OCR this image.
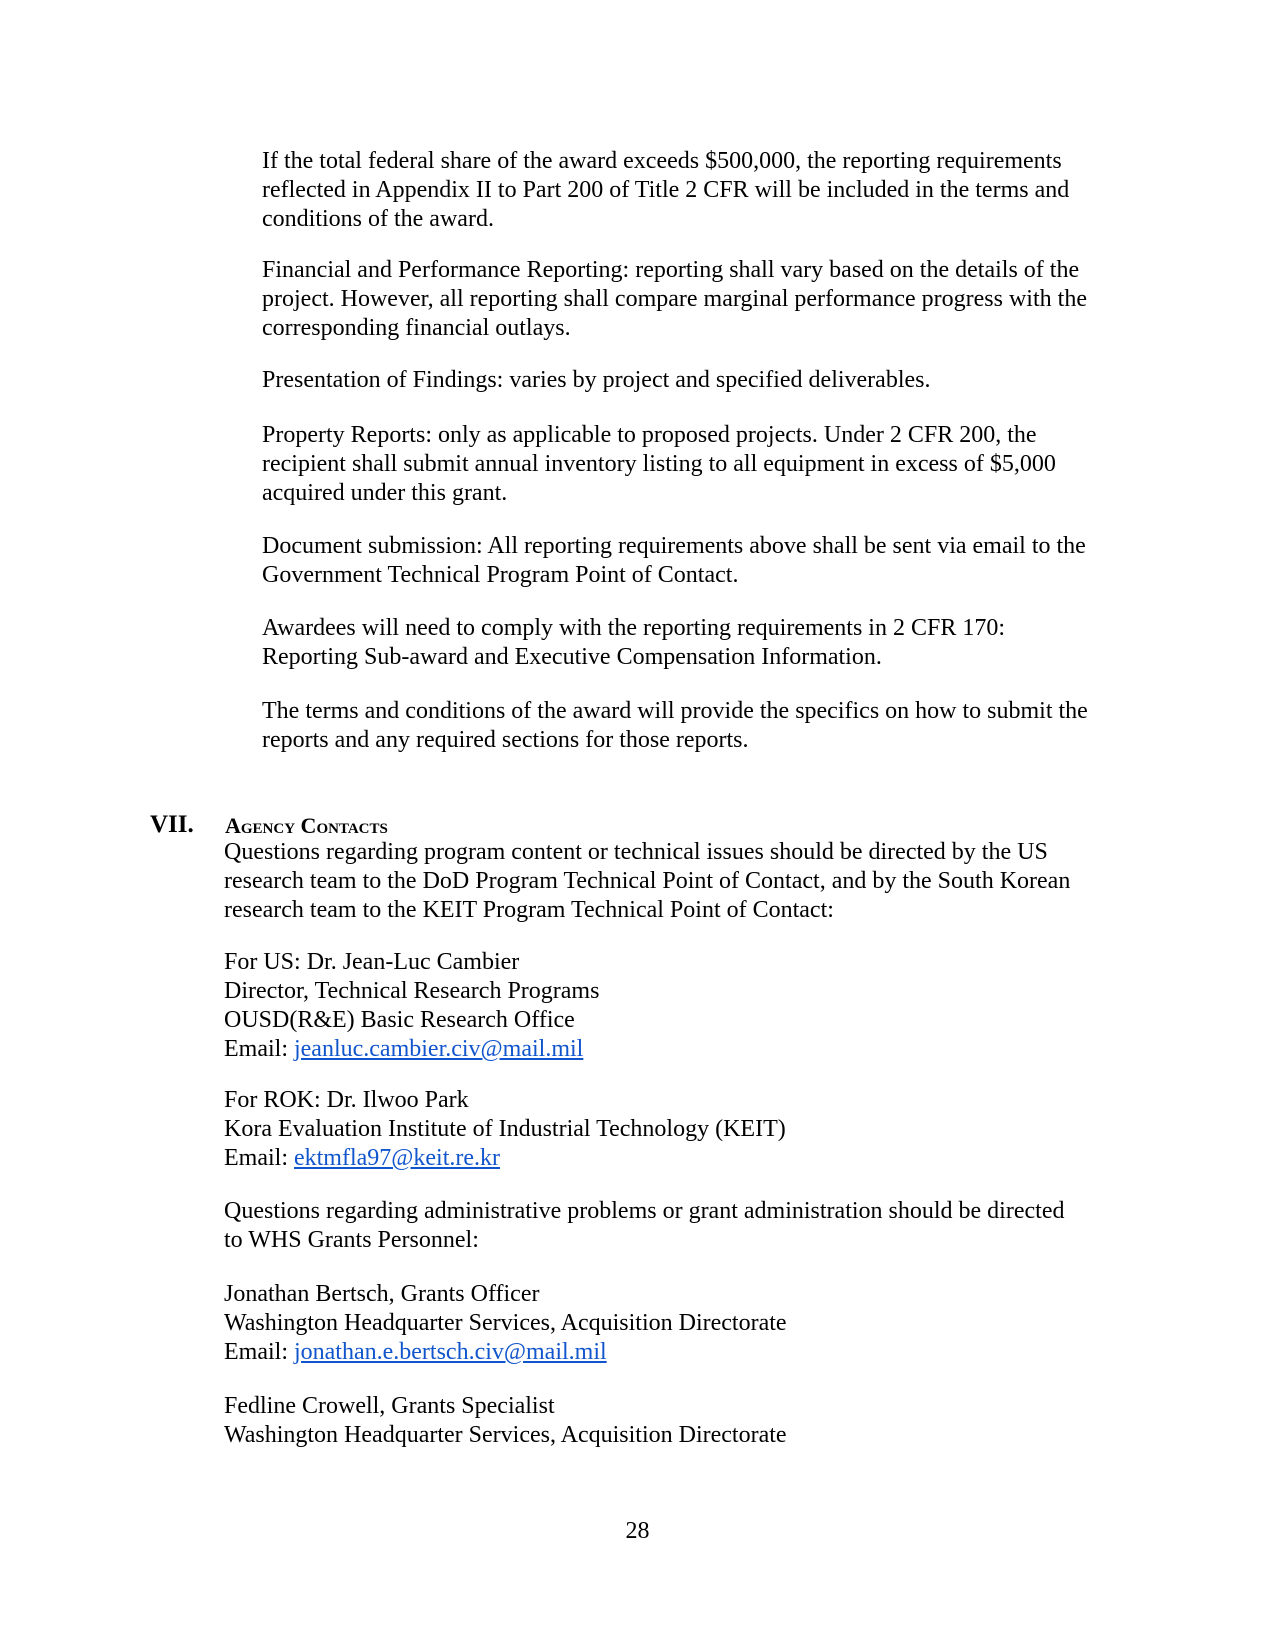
If the total federal share of the award exceeds $500,000, the reporting requirements
reflected in Appendix II to Part 200 of Title 2 CFR will be included in the terms and
conditions of the award.

Financial and Performance Reporting: reporting shall vary based on the details of the
project. However, all reporting shall compare marginal performance progress with the
corresponding financial outlays.

Presentation of Findings: varies by project and specified deliverables.

Property Reports: only as applicable to proposed projects. Under 2 CFR 200, the
recipient shall submit annual inventory listing to all equipment in excess of $5,000
acquired under this grant.

Document submission: All reporting requirements above shall be sent via email to the
Government Technical Program Point of Contact.

Awardees will need to comply with the reporting requirements in 2 CFR 170:
Reporting Sub-award and Executive Compensation Information.

The terms and conditions of the award will provide the specifics on how to submit the
reports and any required sections for those reports.

VII. Agency Contacts

Questions regarding program content or technical issues should be directed by the US
research team to the DoD Program Technical Point of Contact, and by the South Korean
research team to the KEIT Program Technical Point of Contact:

For US: Dr. Jean-Luc Cambier
Director, Technical Research Programs
OUSD(R&E) Basic Research Office

Email: jeanluc.cambier.civ@mail.mil

For ROK: Dr. Ilwoo Park
Kora Evaluation Institute of Industrial Technology (KEIT)

Email: ektmfla97@keit.re.kr

Questions regarding administrative problems or grant administration should be directed
to WHS Grants Personnel:

Jonathan Bertsch, Grants Officer
Washington Headquarter Services, Acquisition Directorate

Email: jonathan.e.bertsch.civ@mail.mil

Fedline Crowell, Grants Specialist
Washington Headquarter Services, Acquisition Directorate

28
